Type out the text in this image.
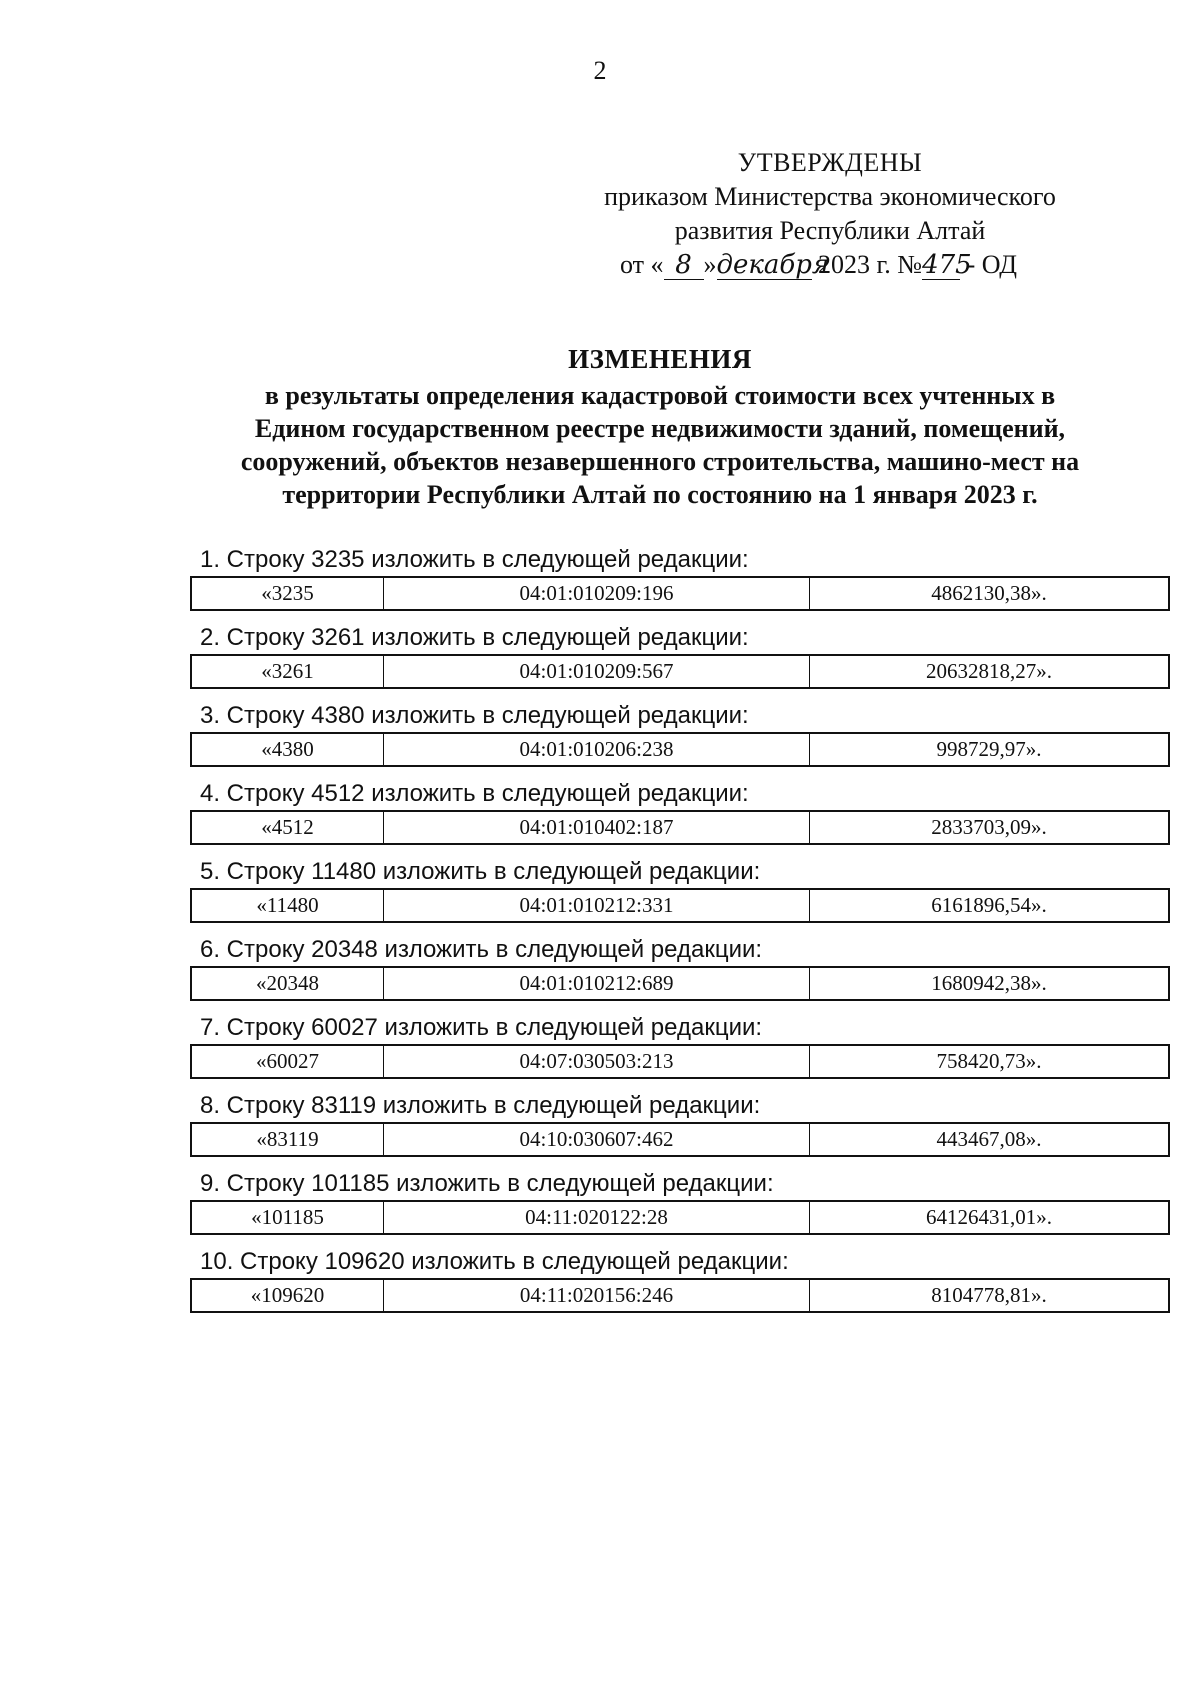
2
УТВЕРЖДЕНЫ
приказом Министерства экономического
развития Республики Алтай
от « 8 »декабря 2023 г. №475 - ОД
ИЗМЕНЕНИЯ
в результаты определения кадастровой стоимости всех учтенных в
Едином государственном реестре недвижимости зданий, помещений,
сооружений, объектов незавершенного строительства, машино-мест на
территории Республики Алтай по состоянию на 1 января 2023 г.
1. Строку 3235 изложить в следующей редакции:
«3235	04:01:010209:196	4862130,38».
2. Строку 3261 изложить в следующей редакции:
«3261	04:01:010209:567	20632818,27».
3. Строку 4380 изложить в следующей редакции:
«4380	04:01:010206:238	998729,97».
4. Строку 4512 изложить в следующей редакции:
«4512	04:01:010402:187	2833703,09».
5. Строку 11480 изложить в следующей редакции:
«11480	04:01:010212:331	6161896,54».
6. Строку 20348 изложить в следующей редакции:
«20348	04:01:010212:689	1680942,38».
7. Строку 60027 изложить в следующей редакции:
«60027	04:07:030503:213	758420,73».
8. Строку 83119 изложить в следующей редакции:
«83119	04:10:030607:462	443467,08».
9. Строку 101185 изложить в следующей редакции:
«101185	04:11:020122:28	64126431,01».
10. Строку 109620 изложить в следующей редакции:
«109620	04:11:020156:246	8104778,81».
